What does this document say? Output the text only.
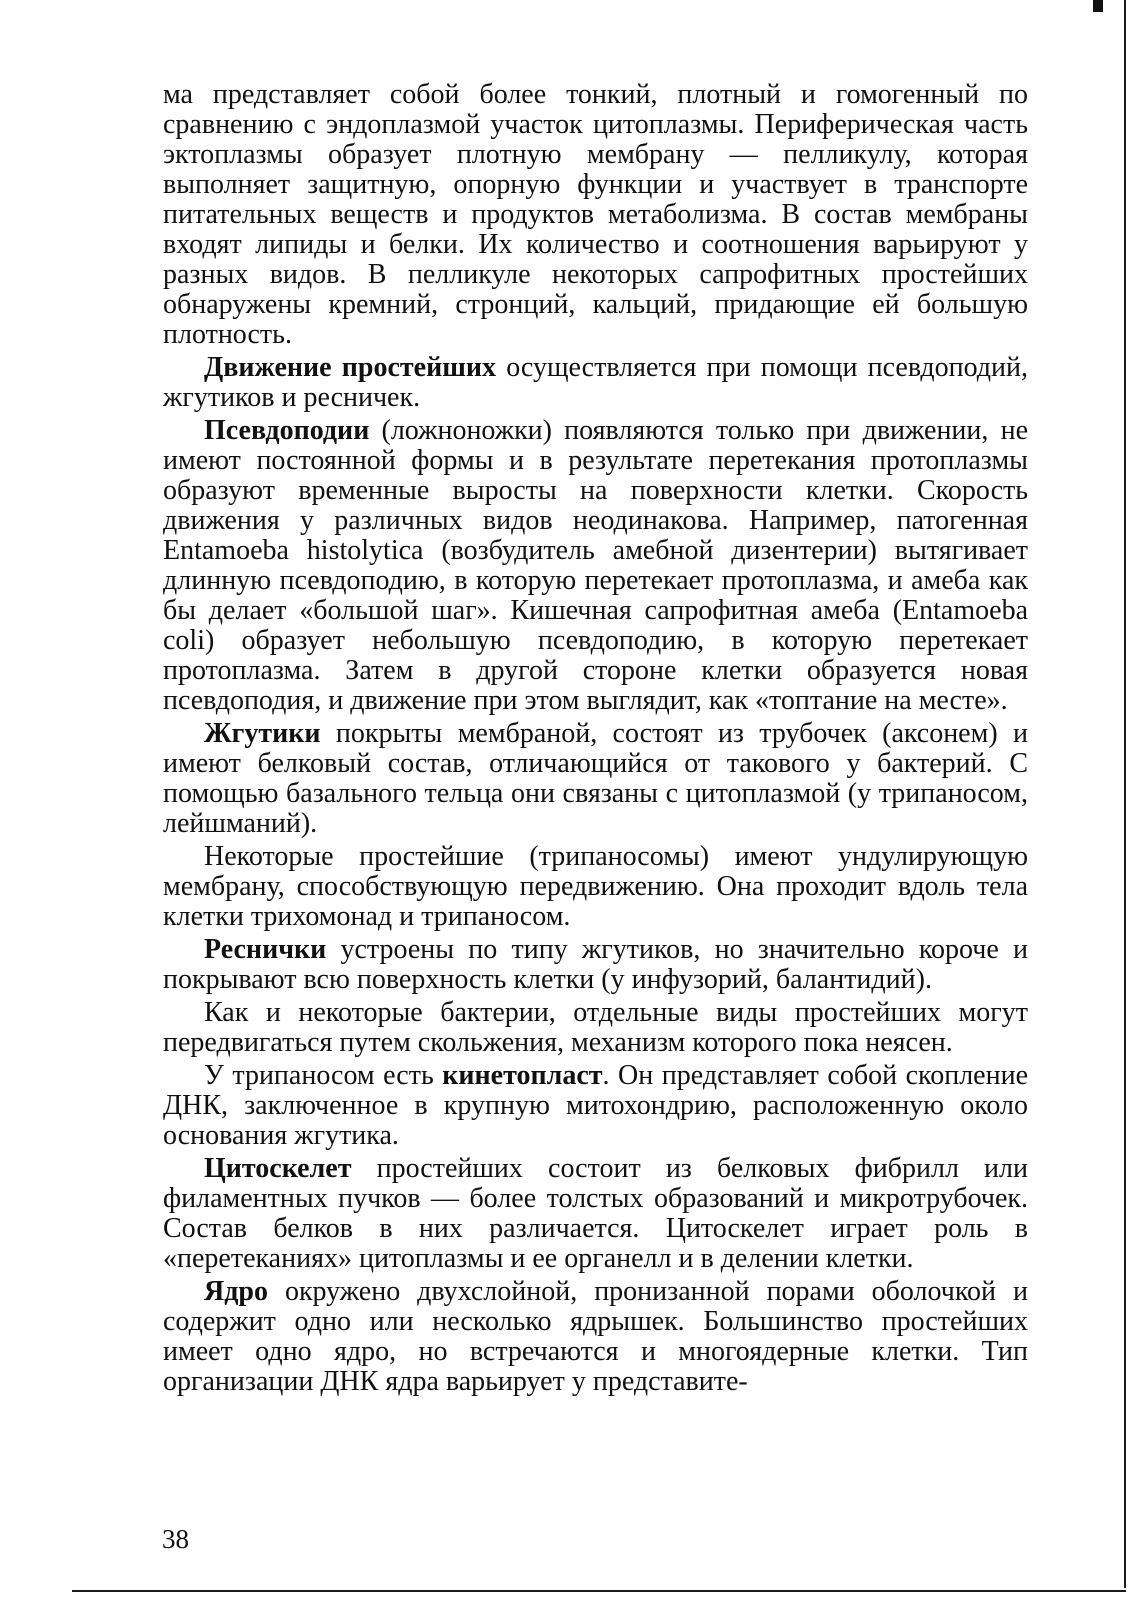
ма представляет собой более тонкий, плотный и гомогенный по сравнению с эндоплазмой участок цитоплазмы. Периферическая часть эктоплазмы образует плотную мембрану — пелликулу, которая выполняет защитную, опорную функции и участвует в транспорте питательных веществ и продуктов метаболизма. В состав мембраны входят липиды и белки. Их количество и соотношения варьируют у разных видов. В пелликуле некоторых сапрофитных простейших обнаружены кремний, стронций, кальций, придающие ей большую плотность.

Движение простейших осуществляется при помощи псевдоподий, жгутиков и ресничек.

Псевдоподии (ложноножки) появляются только при движении, не имеют постоянной формы и в результате перетекания протоплазмы образуют временные выросты на поверхности клетки. Скорость движения у различных видов неодинакова. Например, патогенная Entamoeba histolytica (возбудитель амебной дизентерии) вытягивает длинную псевдоподию, в которую перетекает протоплазма, и амеба как бы делает «большой шаг». Кишечная сапрофитная амеба (Entamoeba coli) образует небольшую псевдоподию, в которую перетекает протоплазма. Затем в другой стороне клетки образуется новая псевдоподия, и движение при этом выглядит, как «топтание на месте».

Жгутики покрыты мембраной, состоят из трубочек (аксонем) и имеют белковый состав, отличающийся от такового у бактерий. С помощью базального тельца они связаны с цитоплазмой (у трипаносом, лейшманий).

Некоторые простейшие (трипаносомы) имеют ундулирующую мембрану, способствующую передвижению. Она проходит вдоль тела клетки трихомонад и трипаносом.

Реснички устроены по типу жгутиков, но значительно короче и покрывают всю поверхность клетки (у инфузорий, балантидий).

Как и некоторые бактерии, отдельные виды простейших могут передвигаться путем скольжения, механизм которого пока неясен.

У трипаносом есть кинетопласт. Он представляет собой скопление ДНК, заключенное в крупную митохондрию, расположенную около основания жгутика.

Цитоскелет простейших состоит из белковых фибрилл или филаментных пучков — более толстых образований и микротрубочек. Состав белков в них различается. Цитоскелет играет роль в «перетеканиях» цитоплазмы и ее органелл и в делении клетки.

Ядро окружено двухслойной, пронизанной порами оболочкой и содержит одно или несколько ядрышек. Большинство простейших имеет одно ядро, но встречаются и многоядерные клетки. Тип организации ДНК ядра варьирует у представите-

38
